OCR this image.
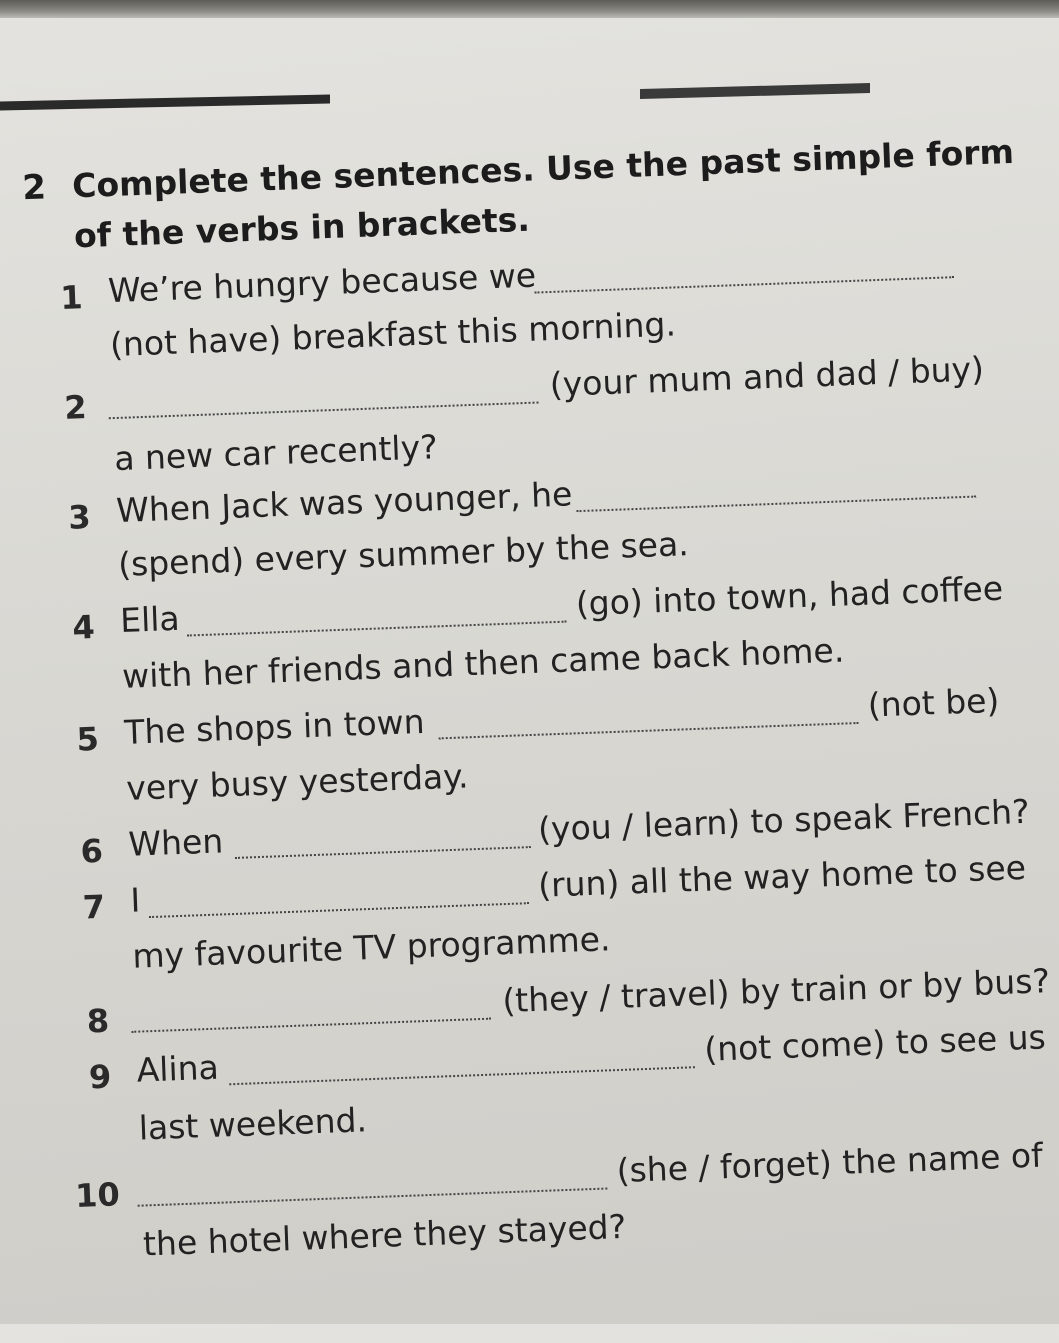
2 Complete the sentences. Use the past simple form
of the verbs in brackets.
1 We’re hungry because we
(not have) breakfast this morning.
2
(your mum and dad / buy)
a new car recently?
3 When Jack was younger, he
(spend) every summer by the sea.
4 Ella	(go) into town, had coffee
with her friends and then came back home.
5 The shops in town	(not be)
very busy yesterday.
6 When	(you / learn) to speak French?
7 I	(run) all the way home to see
my favourite TV programme.
8
(they / travel) by train or by bus?
9 Alina	(not come) to see us
last weekend.
10
(she / forget) the name of
the hotel where they stayed?
